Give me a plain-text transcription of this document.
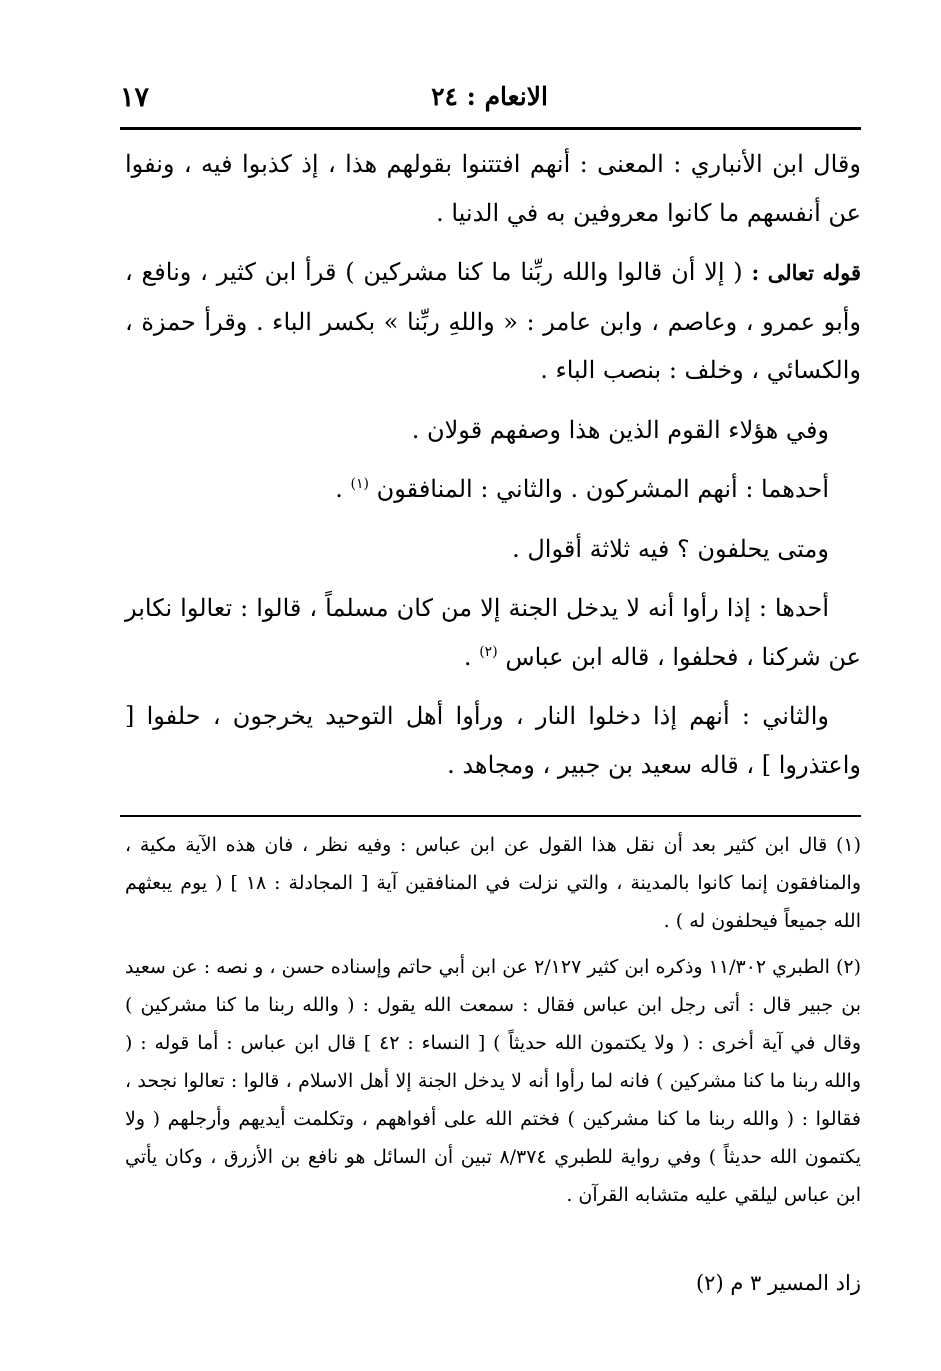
١٧	الانعام : ٢٤

وقال ابن الأنباري : المعنى : أنهم افتتنوا بقولهم هذا ، إذ كذبوا فيه ، ونفوا عن أنفسهم ما كانوا معروفين به في الدنيا .

قوله تعالى : ( إلا أن قالوا والله ربِّنا ما كنا مشركين ) قرأ ابن كثير ، ونافع ، وأبو عمرو ، وعاصم ، وابن عامر : « واللهِ ربِّنا » بكسر الباء . وقرأ حمزة ، والكسائي ، وخلف : بنصب الباء .

وفي هؤلاء القوم الذين هذا وصفهم قولان .

أحدهما : أنهم المشركون . والثاني : المنافقون $^{(١)}$ .

ومتى يحلفون ؟ فيه ثلاثة أقوال .

أحدها : إذا رأوا أنه لا يدخل الجنة إلا من كان مسلماً ، قالوا : تعالوا نكابر عن شركنا ، فحلفوا ، قاله ابن عباس $^{(٢)}$ .

والثاني : أنهم إذا دخلوا النار ، ورأوا أهل التوحيد يخرجون ، حلفوا [ واعتذروا ] ، قاله سعيد بن جبير ، ومجاهد .

(١) قال ابن كثير بعد أن نقل هذا القول عن ابن عباس : وفيه نظر ، فان هذه الآية مكية ، والمنافقون إنما كانوا بالمدينة ، والتي نزلت في المنافقين آية [ المجادلة : ١٨ ] ( يوم يبعثهم الله جميعاً فيحلفون له ) .

(٢) الطبري ١١/٣٠٢ وذكره ابن كثير ٢/١٢٧ عن ابن أبي حاتم وإسناده حسن ، و نصه : عن سعيد بن جبير قال : أتى رجل ابن عباس فقال : سمعت الله يقول : ( والله ربنا ما كنا مشركين ) وقال في آية أخرى : ( ولا يكتمون الله حديثاً ) [ النساء : ٤٢ ] قال ابن عباس : أما قوله : ( والله ربنا ما كنا مشركين ) فانه لما رأوا أنه لا يدخل الجنة إلا أهل الاسلام ، قالوا : تعالوا نجحد ، فقالوا : ( والله ربنا ما كنا مشركين ) فختم الله على أفواههم ، وتكلمت أيديهم وأرجلهم ( ولا يكتمون الله حديثاً ) وفي رواية للطبري ٨/٣٧٤ تبين أن السائل هو نافع بن الأزرق ، وكان يأتي ابن عباس ليلقي عليه متشابه القرآن .

زاد المسير ٣ م (٢)
